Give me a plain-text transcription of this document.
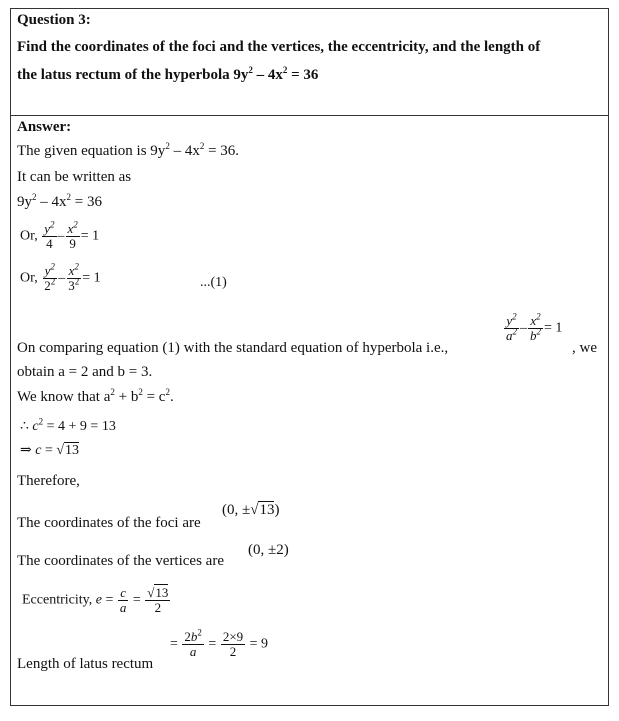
Question 3:
Find the coordinates of the foci and the vertices, the eccentricity, and the length of
the latus rectum of the hyperbola $9y^2 - 4x^2 = 36$
Answer:
The given equation is $9y^2 - 4x^2 = 36$.
It can be written as
$9y^2 - 4x^2 = 36$
Or, $\frac{y^2}{4} - \frac{x^2}{9} = 1$
Or, $\frac{y^2}{2^2} - \frac{x^2}{3^2} = 1$	...(1)
$\frac{y^2}{a^2} - \frac{x^2}{b^2} = 1$
On comparing equation (1) with the standard equation of hyperbola i.e.,	, we
obtain a = 2 and b = 3.
We know that $a^2 + b^2 = c^2$.
∴ $c^2 = 4 + 9 = 13$
⇒ c = √13
Therefore,
The coordinates of the foci are
(0, ±√13)
The coordinates of the vertices are
(0, ±2)
Eccentricity, $e = \frac{c}{a} = \frac{√13}{2}$
= $\frac{2b^2}{a} = \frac{2\times 9}{2} = 9$
Length of latus rectum
